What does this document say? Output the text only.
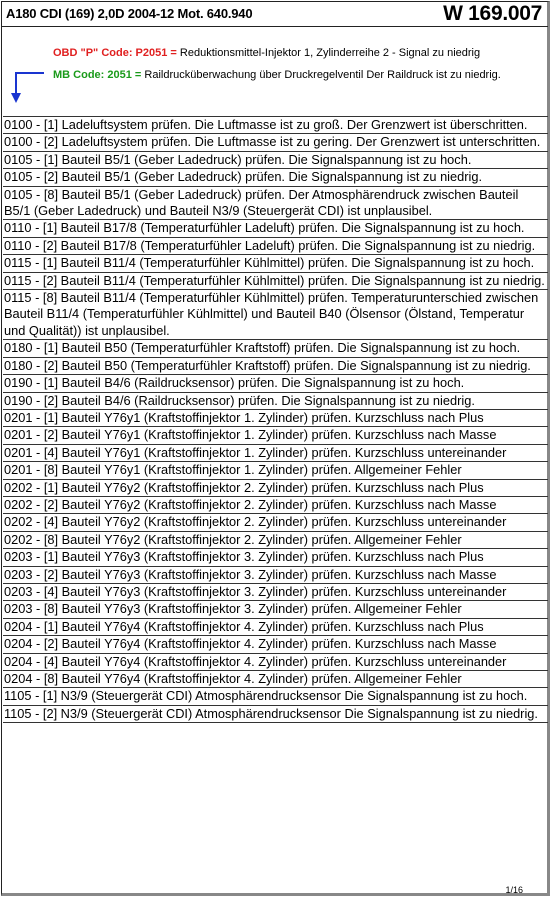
A180 CDI (169) 2,0D 2004-12 Mot. 640.940	W 169.007
OBD "P" Code: P2051 = Reduktionsmittel-Injektor 1, Zylinderreihe 2 - Signal zu niedrig
MB Code: 2051 = Raildrucküberwachung über Druckregelventil Der Raildruck ist zu niedrig.
0100 - [1] Ladeluftsystem prüfen. Die Luftmasse ist zu groß. Der Grenzwert ist überschritten.
0100 - [2] Ladeluftsystem prüfen. Die Luftmasse ist zu gering. Der Grenzwert ist unterschritten.
0105 - [1] Bauteil B5/1 (Geber Ladedruck) prüfen. Die Signalspannung ist zu hoch.
0105 - [2] Bauteil B5/1 (Geber Ladedruck) prüfen. Die Signalspannung ist zu niedrig.
0105 - [8] Bauteil B5/1 (Geber Ladedruck) prüfen. Der Atmosphärendruck zwischen Bauteil B5/1 (Geber Ladedruck) und Bauteil N3/9 (Steuergerät CDI) ist unplausibel.
0110 - [1] Bauteil B17/8 (Temperaturfühler Ladeluft) prüfen. Die Signalspannung ist zu hoch.
0110 - [2] Bauteil B17/8 (Temperaturfühler Ladeluft) prüfen. Die Signalspannung ist zu niedrig.
0115 - [1] Bauteil B11/4 (Temperaturfühler Kühlmittel) prüfen. Die Signalspannung ist zu hoch.
0115 - [2] Bauteil B11/4 (Temperaturfühler Kühlmittel) prüfen. Die Signalspannung ist zu niedrig.
0115 - [8] Bauteil B11/4 (Temperaturfühler Kühlmittel) prüfen. Temperaturunterschied zwischen Bauteil B11/4 (Temperaturfühler Kühlmittel) und Bauteil B40 (Ölsensor (Ölstand, Temperatur und Qualität)) ist unplausibel.
0180 - [1] Bauteil B50 (Temperaturfühler Kraftstoff) prüfen. Die Signalspannung ist zu hoch.
0180 - [2] Bauteil B50 (Temperaturfühler Kraftstoff) prüfen. Die Signalspannung ist zu niedrig.
0190 - [1] Bauteil B4/6 (Raildrucksensor) prüfen. Die Signalspannung ist zu hoch.
0190 - [2] Bauteil B4/6 (Raildrucksensor) prüfen. Die Signalspannung ist zu niedrig.
0201 - [1] Bauteil Y76y1 (Kraftstoffinjektor 1. Zylinder) prüfen. Kurzschluss nach Plus
0201 - [2] Bauteil Y76y1 (Kraftstoffinjektor 1. Zylinder) prüfen. Kurzschluss nach Masse
0201 - [4] Bauteil Y76y1 (Kraftstoffinjektor 1. Zylinder) prüfen. Kurzschluss untereinander
0201 - [8] Bauteil Y76y1 (Kraftstoffinjektor 1. Zylinder) prüfen. Allgemeiner Fehler
0202 - [1] Bauteil Y76y2 (Kraftstoffinjektor 2. Zylinder) prüfen. Kurzschluss nach Plus
0202 - [2] Bauteil Y76y2 (Kraftstoffinjektor 2. Zylinder) prüfen. Kurzschluss nach Masse
0202 - [4] Bauteil Y76y2 (Kraftstoffinjektor 2. Zylinder) prüfen. Kurzschluss untereinander
0202 - [8] Bauteil Y76y2 (Kraftstoffinjektor 2. Zylinder) prüfen. Allgemeiner Fehler
0203 - [1] Bauteil Y76y3 (Kraftstoffinjektor 3. Zylinder) prüfen. Kurzschluss nach Plus
0203 - [2] Bauteil Y76y3 (Kraftstoffinjektor 3. Zylinder) prüfen. Kurzschluss nach Masse
0203 - [4] Bauteil Y76y3 (Kraftstoffinjektor 3. Zylinder) prüfen. Kurzschluss untereinander
0203 - [8] Bauteil Y76y3 (Kraftstoffinjektor 3. Zylinder) prüfen. Allgemeiner Fehler
0204 - [1] Bauteil Y76y4 (Kraftstoffinjektor 4. Zylinder) prüfen. Kurzschluss nach Plus
0204 - [2] Bauteil Y76y4 (Kraftstoffinjektor 4. Zylinder) prüfen. Kurzschluss nach Masse
0204 - [4] Bauteil Y76y4 (Kraftstoffinjektor 4. Zylinder) prüfen. Kurzschluss untereinander
0204 - [8] Bauteil Y76y4 (Kraftstoffinjektor 4. Zylinder) prüfen. Allgemeiner Fehler
1105 - [1] N3/9 (Steuergerät CDI) Atmosphärendrucksensor Die Signalspannung ist zu hoch.
1105 - [2] N3/9 (Steuergerät CDI) Atmosphärendrucksensor Die Signalspannung ist zu niedrig.
1/16
